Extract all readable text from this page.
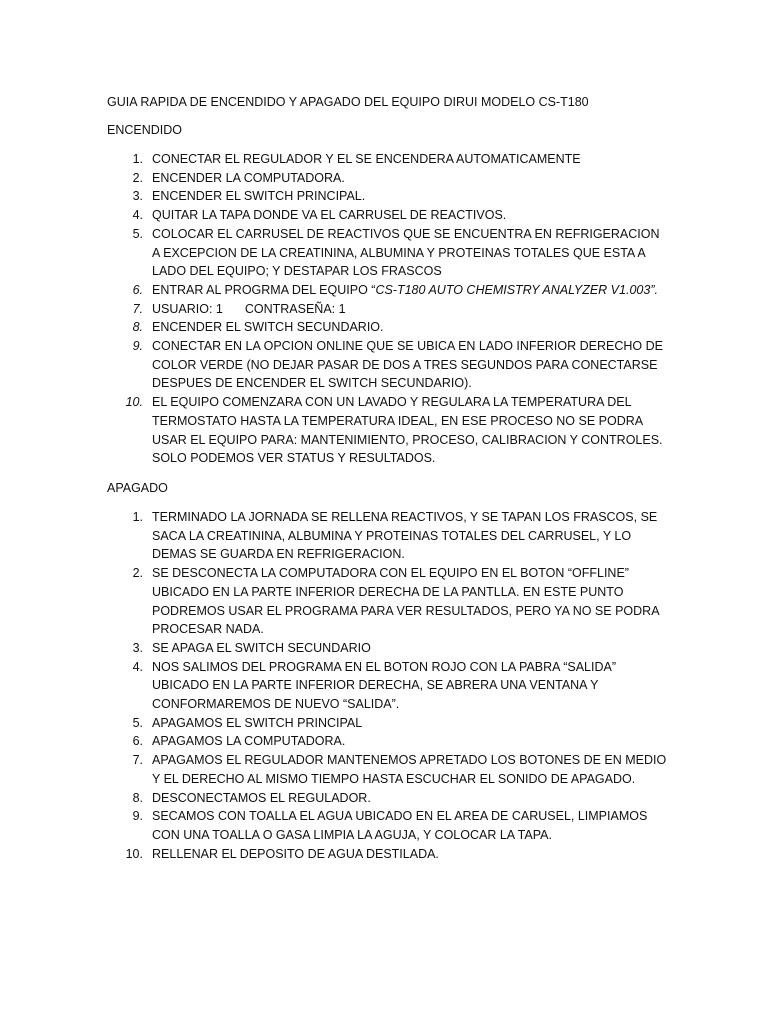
GUIA RAPIDA DE ENCENDIDO Y APAGADO DEL EQUIPO DIRUI MODELO CS-T180
ENCENDIDO
1. CONECTAR EL REGULADOR Y EL SE ENCENDERA AUTOMATICAMENTE
2. ENCENDER LA COMPUTADORA.
3. ENCENDER EL SWITCH PRINCIPAL.
4. QUITAR LA TAPA DONDE VA EL CARRUSEL DE REACTIVOS.
5. COLOCAR EL CARRUSEL DE REACTIVOS QUE SE ENCUENTRA EN REFRIGERACION A EXCEPCION DE LA CREATININA, ALBUMINA Y PROTEINAS TOTALES QUE ESTA A LADO DEL EQUIPO; Y DESTAPAR LOS FRASCOS
6. ENTRAR AL PROGRMA DEL EQUIPO “CS-T180 AUTO CHEMISTRY ANALYZER V1.003”.
7. USUARIO: 1 CONTRASEÑA: 1
8. ENCENDER EL SWITCH SECUNDARIO.
9. CONECTAR EN LA OPCION ONLINE QUE SE UBICA EN LADO INFERIOR DERECHO DE COLOR VERDE (NO DEJAR PASAR DE DOS A TRES SEGUNDOS PARA CONECTARSE DESPUES DE ENCENDER EL SWITCH SECUNDARIO).
10. EL EQUIPO COMENZARA CON UN LAVADO Y REGULARA LA TEMPERATURA DEL TERMOSTATO HASTA LA TEMPERATURA IDEAL, EN ESE PROCESO NO SE PODRA USAR EL EQUIPO PARA: MANTENIMIENTO, PROCESO, CALIBRACION Y CONTROLES. SOLO PODEMOS VER STATUS Y RESULTADOS.
APAGADO
1. TERMINADO LA JORNADA SE RELLENA REACTIVOS, Y SE TAPAN LOS FRASCOS, SE SACA LA CREATININA, ALBUMINA Y PROTEINAS TOTALES DEL CARRUSEL, Y LO DEMAS SE GUARDA EN REFRIGERACION.
2. SE DESCONECTA LA COMPUTADORA CON EL EQUIPO EN EL BOTON “OFFLINE” UBICADO EN LA PARTE INFERIOR DERECHA DE LA PANTLLA. EN ESTE PUNTO PODREMOS USAR EL PROGRAMA PARA VER RESULTADOS, PERO YA NO SE PODRA PROCESAR NADA.
3. SE APAGA EL SWITCH SECUNDARIO
4. NOS SALIMOS DEL PROGRAMA EN EL BOTON ROJO CON LA PABRA “SALIDA” UBICADO EN LA PARTE INFERIOR DERECHA, SE ABRERA UNA VENTANA Y CONFORMAREMOS DE NUEVO “SALIDA”.
5. APAGAMOS EL SWITCH PRINCIPAL
6. APAGAMOS LA COMPUTADORA.
7. APAGAMOS EL REGULADOR MANTENEMOS APRETADO LOS BOTONES DE EN MEDIO Y EL DERECHO AL MISMO TIEMPO HASTA ESCUCHAR EL SONIDO DE APAGADO.
8. DESCONECTAMOS EL REGULADOR.
9. SECAMOS CON TOALLA EL AGUA UBICADO EN EL AREA DE CARUSEL, LIMPIAMOS CON UNA TOALLA O GASA LIMPIA LA AGUJA, Y COLOCAR LA TAPA.
10. RELLENAR EL DEPOSITO DE AGUA DESTILADA.
